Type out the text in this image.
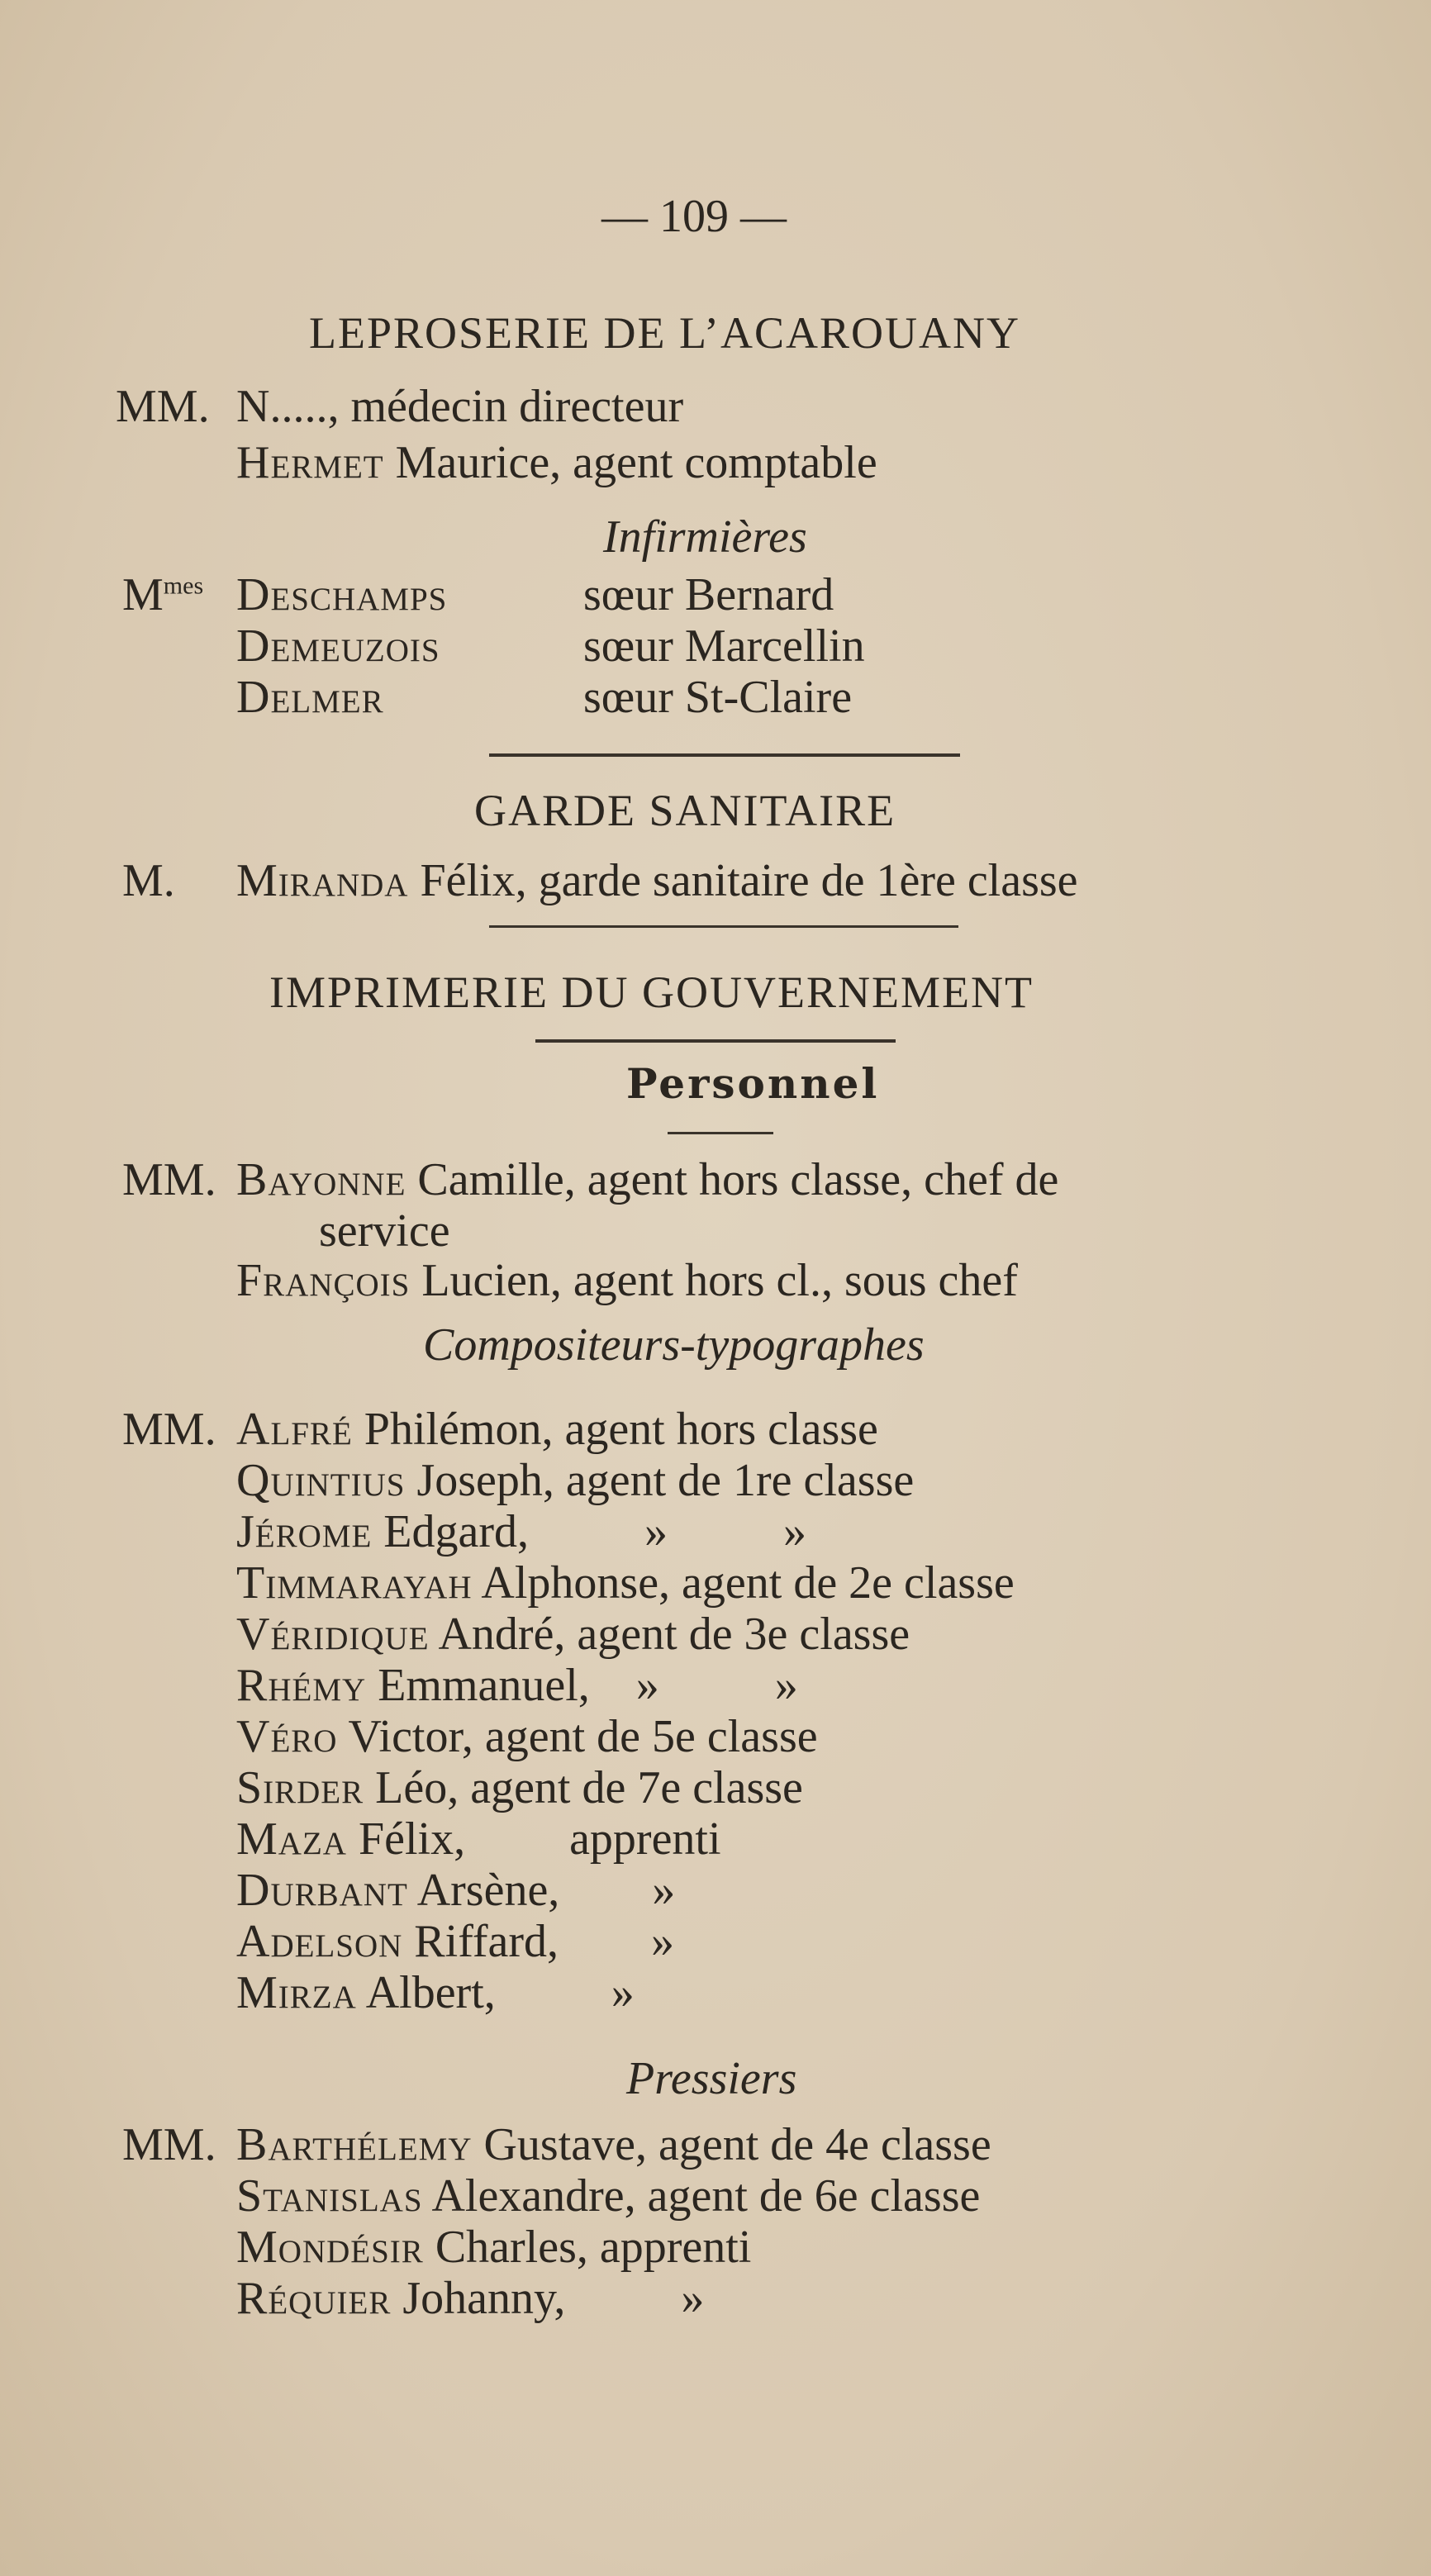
— 109 —
LEPROSERIE DE L’ACAROUANY
MM. N....., médecin directeur
Hermet Maurice, agent comptable
Infirmières
$M^{mes}$ Deschamps	sœur Bernard
Demeuzois	sœur Marcellin
Delmer	sœur St-Claire
GARDE SANITAIRE
M. Miranda Félix, garde sanitaire de 1ère classe
IMPRIMERIE DU GOUVERNEMENT
Personnel
MM. Bayonne Camille, agent hors classe, chef de
service
François Lucien, agent hors cl., sous chef
Compositeurs-typographes
MM. Alfré Philémon, agent hors classe
Quintius Joseph, agent de 1re classe
Jérome Edgard,          »          »
Timmarayah Alphonse, agent de 2e classe
Véridique André, agent de 3e classe
Rhémy Emmanuel,    »          »
Véro Victor, agent de 5e classe
Sirder Léo, agent de 7e classe
Maza Félix,         apprenti
Durbant Arsène,        »
Adelson Riffard,        »
Mirza Albert,          »
Pressiers
MM. Barthélemy Gustave, agent de 4e classe
Stanislas Alexandre, agent de 6e classe
Mondésir Charles, apprenti
Réquier Johanny,          »
